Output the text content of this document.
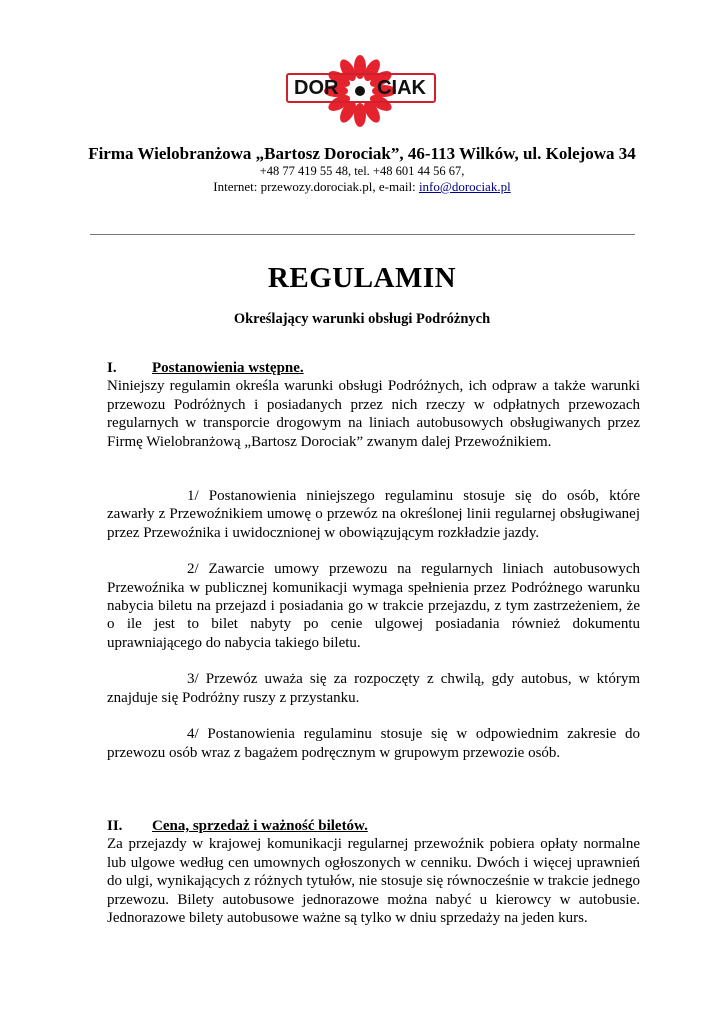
DOR CIAK
Firma Wielobranżowa „Bartosz Dorociak”, 46-113 Wilków, ul. Kolejowa 34
+48 77 419 55 48, tel. +48 601 44 56 67,
Internet: przewozy.dorociak.pl, e-mail: info@dorociak.pl
REGULAMIN
Określający warunki obsługi Podróżnych
I. Postanowienia wstępne.

Niniejszy regulamin określa warunki obsługi Podróżnych, ich odpraw a także warunki przewozu Podróżnych i posiadanych przez nich rzeczy w odpłatnych przewozach regularnych w transporcie drogowym na liniach autobusowych obsługiwanych przez Firmę Wielobranżową „Bartosz Dorociak” zwanym dalej Przewoźnikiem.

1/ Postanowienia niniejszego regulaminu stosuje się do osób, które zawarły z Przewoźnikiem umowę o przewóz na określonej linii regularnej obsługiwanej przez Przewoźnika i uwidocznionej w obowiązującym rozkładzie jazdy.

2/ Zawarcie umowy przewozu na regularnych liniach autobusowych Przewoźnika w publicznej komunikacji wymaga spełnienia przez Podróżnego warunku nabycia biletu na przejazd i posiadania go w trakcie przejazdu, z tym zastrzeżeniem, że o ile jest to bilet nabyty po cenie ulgowej posiadania również dokumentu uprawniającego do nabycia takiego biletu.

3/ Przewóz uważa się za rozpoczęty z chwilą, gdy autobus, w którym znajduje się Podróżny ruszy z przystanku.

4/ Postanowienia regulaminu stosuje się w odpowiednim zakresie do przewozu osób wraz z bagażem podręcznym w grupowym przewozie osób.

II. Cena, sprzedaż i ważność biletów.

Za przejazdy w krajowej komunikacji regularnej przewoźnik pobiera opłaty normalne lub ulgowe według cen umownych ogłoszonych w cenniku. Dwóch i więcej uprawnień do ulgi, wynikających z różnych tytułów, nie stosuje się równocześnie w trakcie jednego przewozu. Bilety autobusowe jednorazowe można nabyć u kierowcy w autobusie. Jednorazowe bilety autobusowe ważne są tylko w dniu sprzedaży na jeden kurs.
